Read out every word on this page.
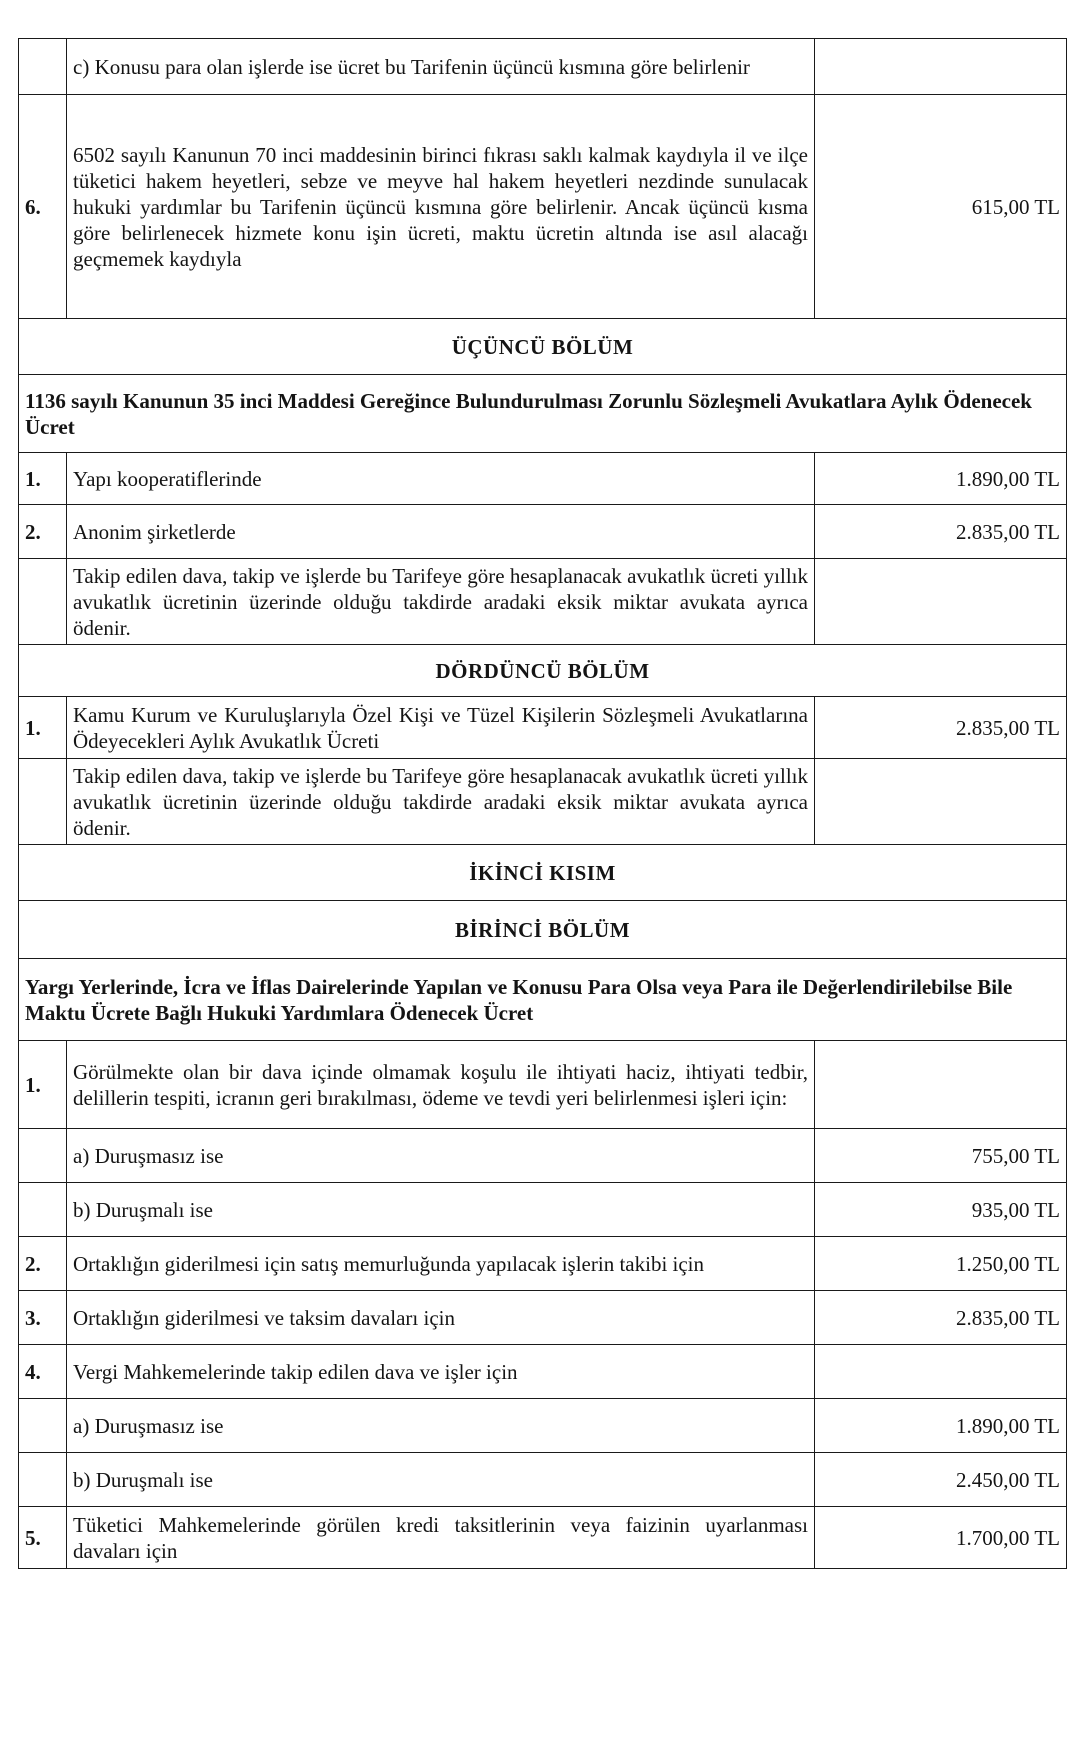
	c) Konusu para olan işlerde ise ücret bu Tarifenin üçüncü kısmına göre belirlenir	
6.	6502 sayılı Kanunun 70 inci maddesinin birinci fıkrası saklı kalmak kaydıyla il ve ilçe tüketici hakem heyetleri, sebze ve meyve hal hakem heyetleri nezdinde sunulacak hukuki yardımlar bu Tarifenin üçüncü kısmına göre belirlenir. Ancak üçüncü kısma göre belirlenecek hizmete konu işin ücreti, maktu ücretin altında ise asıl alacağı geçmemek kaydıyla	615,00 TL
ÜÇÜNCÜ BÖLÜM		
1136 sayılı Kanunun 35 inci Maddesi Gereğince Bulundurulması Zorunlu Sözleşmeli Avukatlara Aylık Ödenecek Ücret		
1.	Yapı kooperatiflerinde	1.890,00 TL
2.	Anonim şirketlerde	2.835,00 TL
	Takip edilen dava, takip ve işlerde bu Tarifeye göre hesaplanacak avukatlık ücreti yıllık avukatlık ücretinin üzerinde olduğu takdirde aradaki eksik miktar avukata ayrıca ödenir.	
DÖRDÜNCÜ BÖLÜM		
1.	Kamu Kurum ve Kuruluşlarıyla Özel Kişi ve Tüzel Kişilerin Sözleşmeli Avukatlarına Ödeyecekleri Aylık Avukatlık Ücreti	2.835,00 TL
	Takip edilen dava, takip ve işlerde bu Tarifeye göre hesaplanacak avukatlık ücreti yıllık avukatlık ücretinin üzerinde olduğu takdirde aradaki eksik miktar avukata ayrıca ödenir.	
İKİNCİ KISIM		
BİRİNCİ BÖLÜM		
Yargı Yerlerinde, İcra ve İflas Dairelerinde Yapılan ve Konusu Para Olsa veya Para ile Değerlendirilebilse Bile Maktu Ücrete Bağlı Hukuki Yardımlara Ödenecek Ücret		
1.	Görülmekte olan bir dava içinde olmamak koşulu ile ihtiyati haciz, ihtiyati tedbir, delillerin tespiti, icranın geri bırakılması, ödeme ve tevdi yeri belirlenmesi işleri için:	
	a) Duruşmasız ise	755,00 TL
	b) Duruşmalı ise	935,00 TL
2.	Ortaklığın giderilmesi için satış memurluğunda yapılacak işlerin takibi için	1.250,00 TL
3.	Ortaklığın giderilmesi ve taksim davaları için	2.835,00 TL
4.	Vergi Mahkemelerinde takip edilen dava ve işler için	
	a) Duruşmasız ise	1.890,00 TL
	b) Duruşmalı ise	2.450,00 TL
5.	Tüketici Mahkemelerinde görülen kredi taksitlerinin veya faizinin uyarlanması davaları için	1.700,00 TL
